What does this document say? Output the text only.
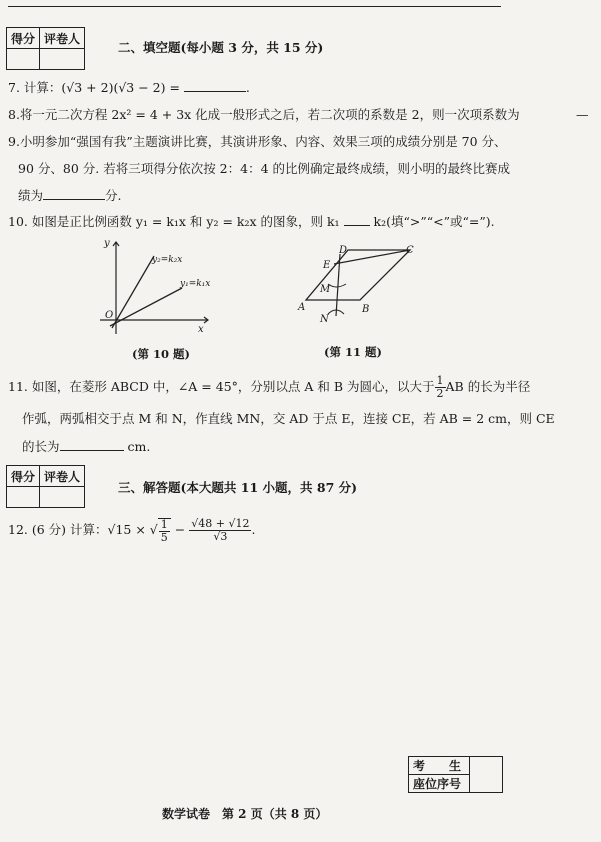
得分	评卷人

二、填空题(每小题 3 分，共 15 分)
7. 计算：(√3 + 2)(√3 − 2) =	.
8.将一元二次方程 2x² = 4 + 3x 化成一般形式之后，若二次项的系数是 2，则一次项系数为	—
9.小明参加“强国有我”主题演讲比赛，其演讲形象、内容、效果三项的成绩分别是 70 分、
90 分、80 分. 若将三项得分依次按 2：4：4 的比例确定最终成绩，则小明的最终比赛成
绩为	分.
10. 如图是正比例函数 y₁ = k₁x 和 y₂ = k₂x 的图象，则 k₁	k₂(填“>”“<”或“=”).
y
x
O
y₂=k₂x
y₁=k₁x
(第 10 题)
D	C
E
M
A	B
N
(第 11 题)
11. 如图，在菱形 ABCD 中，∠A = 45°，分别以点 A 和 B 为圆心，以大于 $\frac{1}{2}$ AB 的长为半径
作弧，两弧相交于点 M 和 N，作直线 MN，交 AD 于点 E，连接 CE，若 AB = 2 cm，则 CE
的长为	cm.
得分	评卷人

三、解答题(本大题共 11 小题，共 87 分)
12. (6 分) 计算：√15 × √ $\frac{1}{5} - \frac{√48 + √12}{√3}$ .
考　　生	
座位序号
数学试卷　第 2 页（共 8 页）
